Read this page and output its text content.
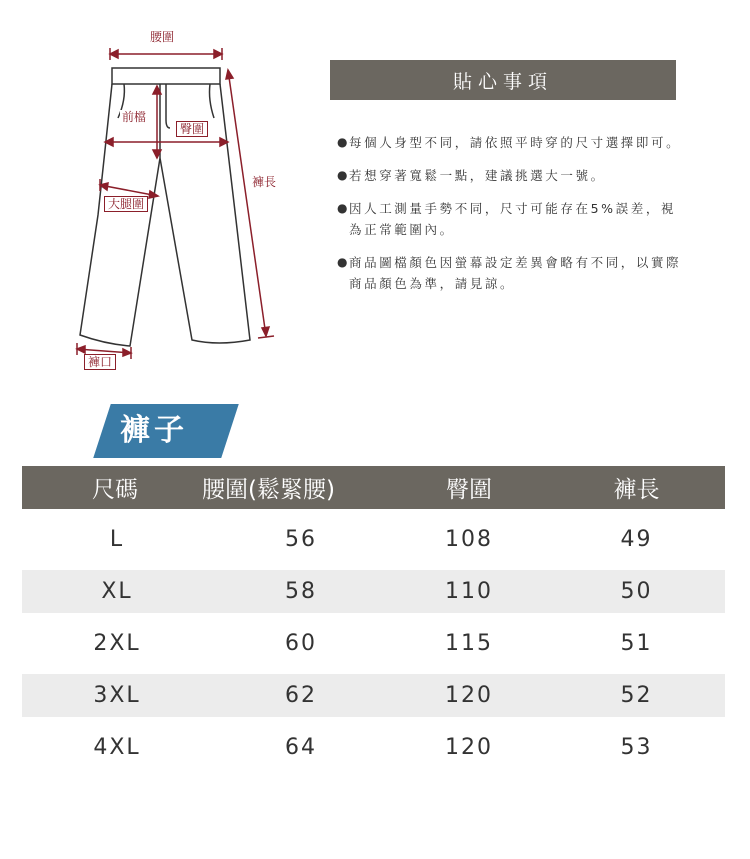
腰圍
前檔
臀圍
褲長
大腿圍
褲口
貼心事項
●
每個人身型不同，請依照平時穿的尺寸選擇即可。
●
若想穿著寬鬆一點，建議挑選大一號。
●
因人工測量手勢不同，尺寸可能存在5%誤差，視為正常範圍內。
●
商品圖檔顏色因螢幕設定差異會略有不同，以實際商品顏色為準，請見諒。
褲子
尺碼	腰圍(鬆緊腰)	臀圍	褲長
L	56	108	49
XL	58	110	50
2XL	60	115	51
3XL	62	120	52
4XL	64	120	53
